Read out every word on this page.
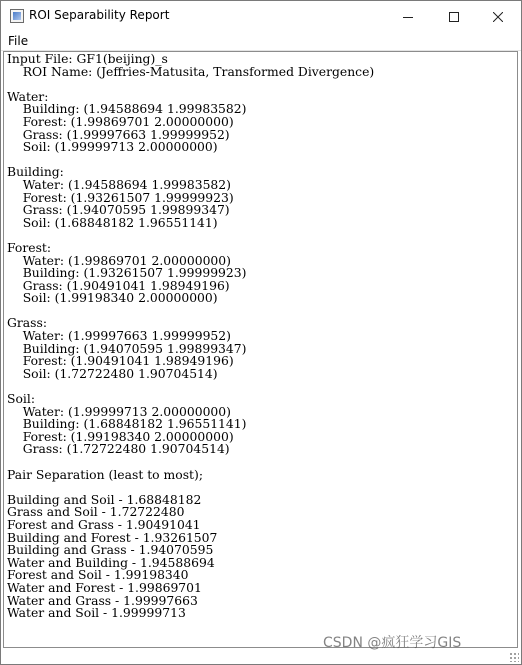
ROI Separability Report
File
Input File: GF1(beijing)_s
ROI Name: (Jeffries-Matusita, Transformed Divergence)

Water:
Building: (1.94588694 1.99983582)
Forest: (1.99869701 2.00000000)
Grass: (1.99997663 1.99999952)
Soil: (1.99999713 2.00000000)

Building:
Water: (1.94588694 1.99983582)
Forest: (1.93261507 1.99999923)
Grass: (1.94070595 1.99899347)
Soil: (1.68848182 1.96551141)

Forest:
Water: (1.99869701 2.00000000)
Building: (1.93261507 1.99999923)
Grass: (1.90491041 1.98949196)
Soil: (1.99198340 2.00000000)

Grass:
Water: (1.99997663 1.99999952)
Building: (1.94070595 1.99899347)
Forest: (1.90491041 1.98949196)
Soil: (1.72722480 1.90704514)

Soil:
Water: (1.99999713 2.00000000)
Building: (1.68848182 1.96551141)
Forest: (1.99198340 2.00000000)
Grass: (1.72722480 1.90704514)

Pair Separation (least to most);

Building and Soil - 1.68848182
Grass and Soil - 1.72722480
Forest and Grass - 1.90491041
Building and Forest - 1.93261507
Building and Grass - 1.94070595
Water and Building - 1.94588694
Forest and Soil - 1.99198340
Water and Forest - 1.99869701
Water and Grass - 1.99997663
Water and Soil - 1.99999713
CSDN @疯狂学习GIS
